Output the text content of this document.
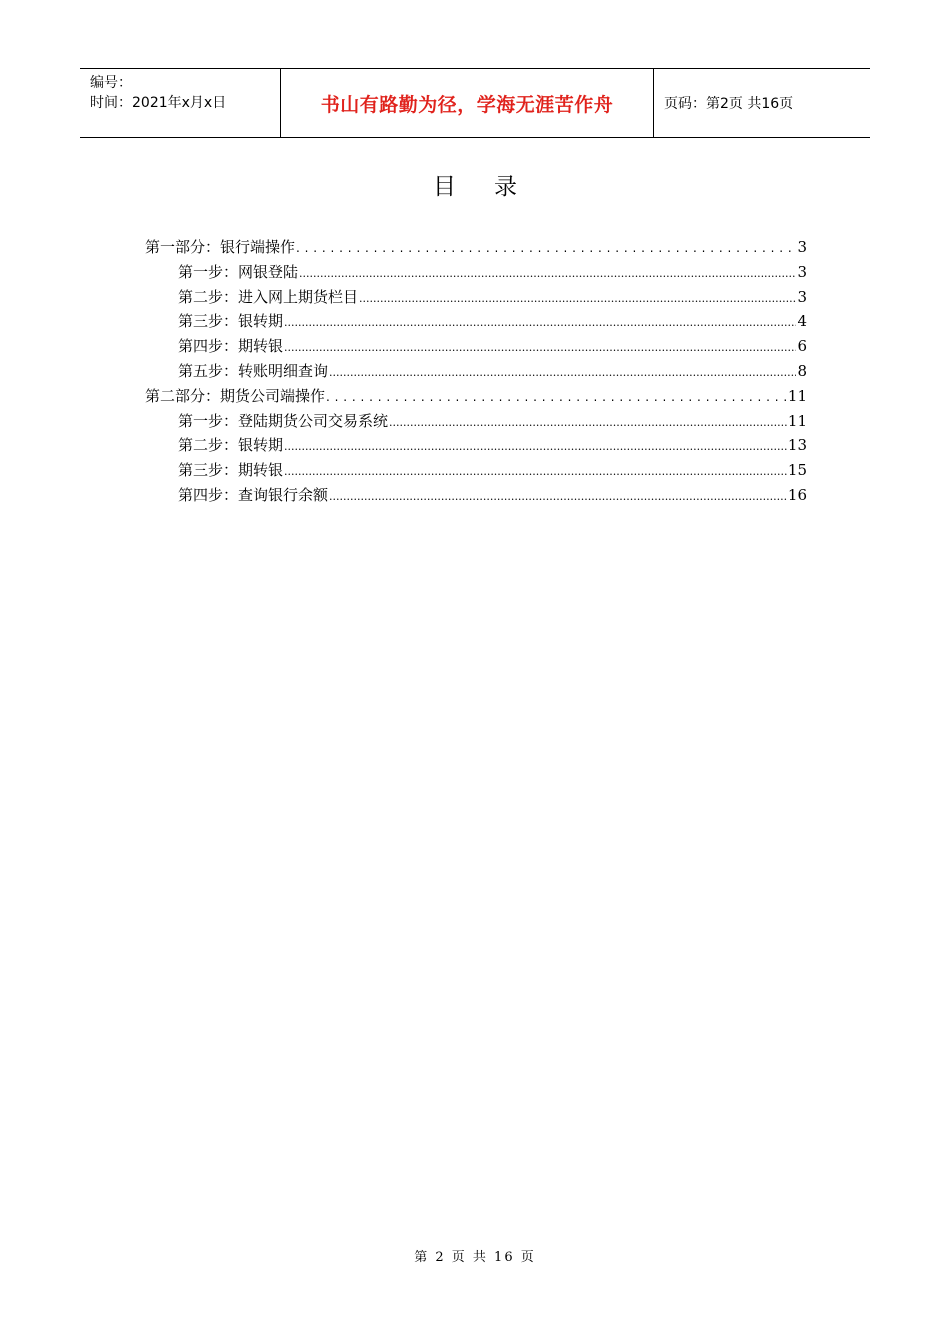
编号：
时间：2021年x月x日	书山有路勤为径，学海无涯苦作舟	页码：第2页 共16页
目录
第一部分：银行端操作 . . .	3
第一步：网银登陆 .....	3
第二步：进入网上期货栏目 .....	3
第三步：银转期 .....	4
第四步：期转银 .....	6
第五步：转账明细查询 .....	8
第二部分：期货公司端操作 . . .	11
第一步：登陆期货公司交易系统 .....	11
第二步：银转期 .....	13
第三步：期转银 .....	15
第四步：查询银行余额 .....	16
第 2 页 共 16 页
